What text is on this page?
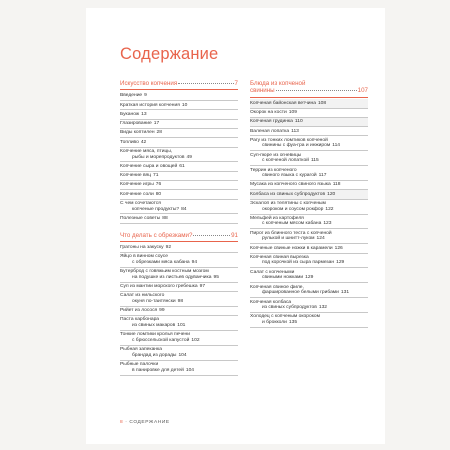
Содержание
Искусство копчения	7
Введение 9
Краткая история копчения 10
Буканож 13
Глазирование 17
Виды коптилен 28
Топливо 42
Копчение мяса, птицы,
рыбы и морепродуктов 49
Копчение сыра и овощей 61
Копчение вяц 71
Копчение игры 76
Копчение соли 80
С чем сочетаются
копченые продукты? 84
Полезные советы 88
Что делать с обрезками?	91
Гратоны на закуску 92
Яйцо в винном соусе
с обрезками мяса кабана 94
Бутерброд с говяжьим костным мозгом
на подушке из листьев одуванчика 95
Суп из мантии морского гребешка 97
Салат из нильского
окуня по-таитянски 98
Рийет из лосося 99
Паста карбонара
из свиных макаров 101
Тонкие ломтики кролья печени
с брюссельской капустой 102
Рыбная запеканка
брандад из дорады 104
Рыбные палочки
в панировке для детей 104
Блюда из копченой
свинины	107
Копченая байонская ветчина 108
Окорок на кости 109
Копченая грудинка 110
Валеная лопатка 113
Рагу из тонких ломтиков копченой
свинины с фуа-гра и инжиром 114
Суп-пюре из огневицы
с копченой лопаткой 115
Террин из копченого
свиного языка с курагой 117
Мусака из копченого свиного языка 118
Колбаса из свиных субпродуктов 120
Эскалоп из телятины с копченым
окороком и соусом рокфор 122
Мельфей из картофеля
с копченым мясом кабана 123
Пирог из блинного теста с копченой
рулькой и шнитт-луком 124
Копченые свиные ножки в карамели 126
Копченая свиная вырезка
под корочкой из сыра пармезан 129
Салат с копчеными
свиными ножками 129
Копченая свиное филе,
фаршированное белыми грибами 131
Копченая колбаса
из свиных субпродуктов 132
Холодец с копченым окороком
и брокколи 135
8 · СОДЕРЖАНИЕ
